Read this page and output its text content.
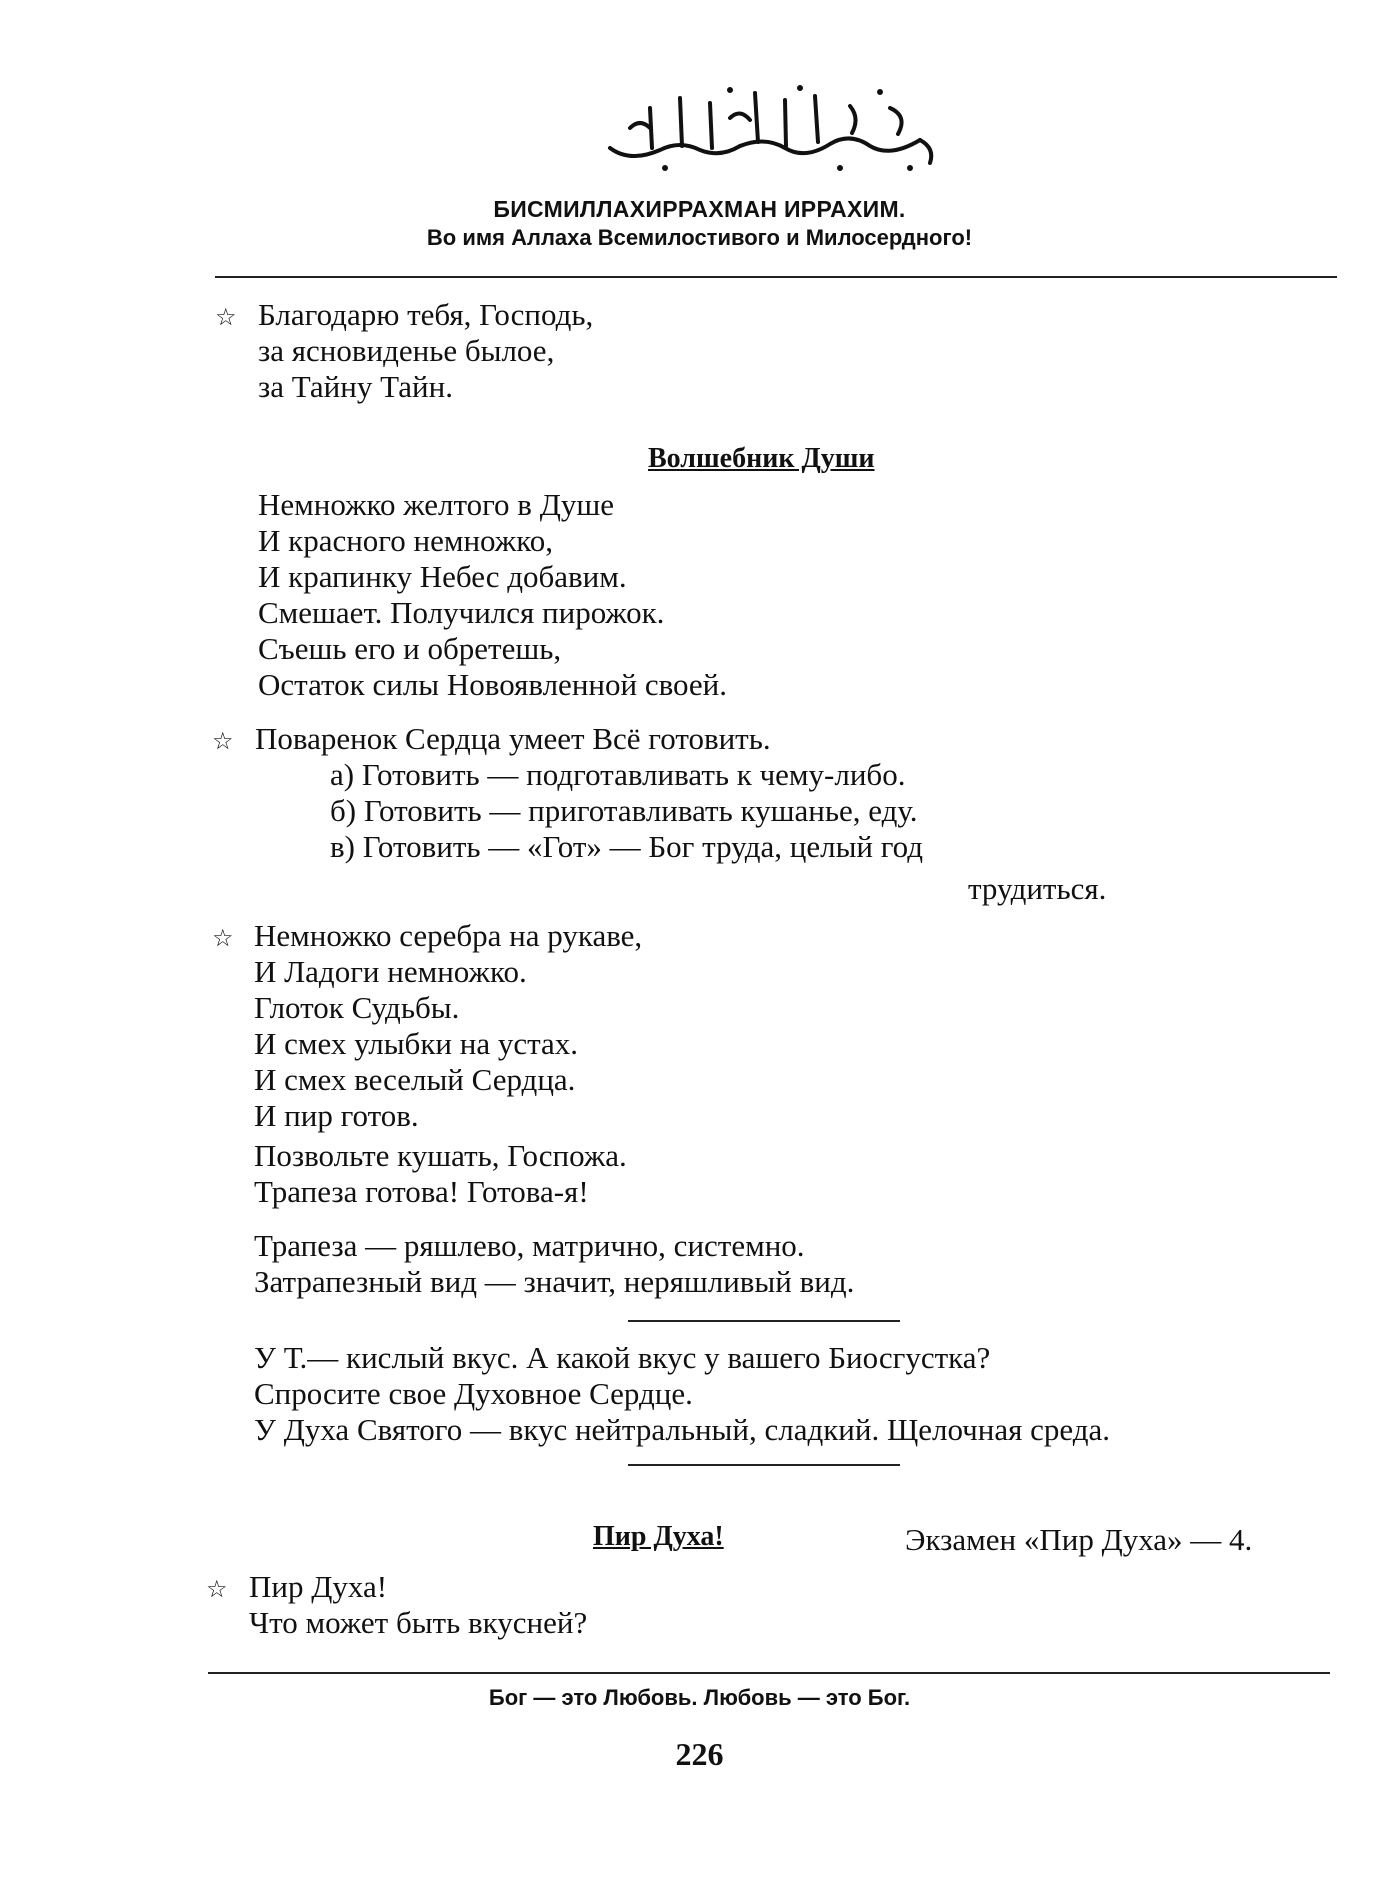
БИСМИЛЛАХИРРАХМАН ИРРАХИМ.
Во имя Аллаха Всемилостивого и Милосердного!
☆ Благодарю тебя, Господь,
за ясновиденье былое,
за Тайну Тайн.
Волшебник Души
Немножко желтого в Душе
И красного немножко,
И крапинку Небес добавим.
Смешает. Получился пирожок.
Съешь его и обретешь,
Остаток силы Новоявленной своей.
☆ Поваренок Сердца умеет Всё готовить.
а) Готовить — подготавливать к чему-либо.
б) Готовить — приготавливать кушанье, еду.
в) Готовить — «Гот» — Бог труда, целый год
трудиться.
☆ Немножко серебра на рукаве,
И Ладоги немножко.
Глоток Судьбы.
И смех улыбки на устах.
И смех веселый Сердца.
И пир готов.
Позвольте кушать, Госпожа.
Трапеза готова! Готова-я!
Трапеза — ряшлево, матрично, системно.
Затрапезный вид — значит, неряшливый вид.
У Т.— кислый вкус. А какой вкус у вашего Биосгустка?
Спросите свое Духовное Сердце.
У Духа Святого — вкус нейтральный, сладкий. Щелочная среда.
Пир Духа!	Экзамен «Пир Духа» — 4.
☆ Пир Духа!
Что может быть вкусней?
Бог — это Любовь. Любовь — это Бог.
226
